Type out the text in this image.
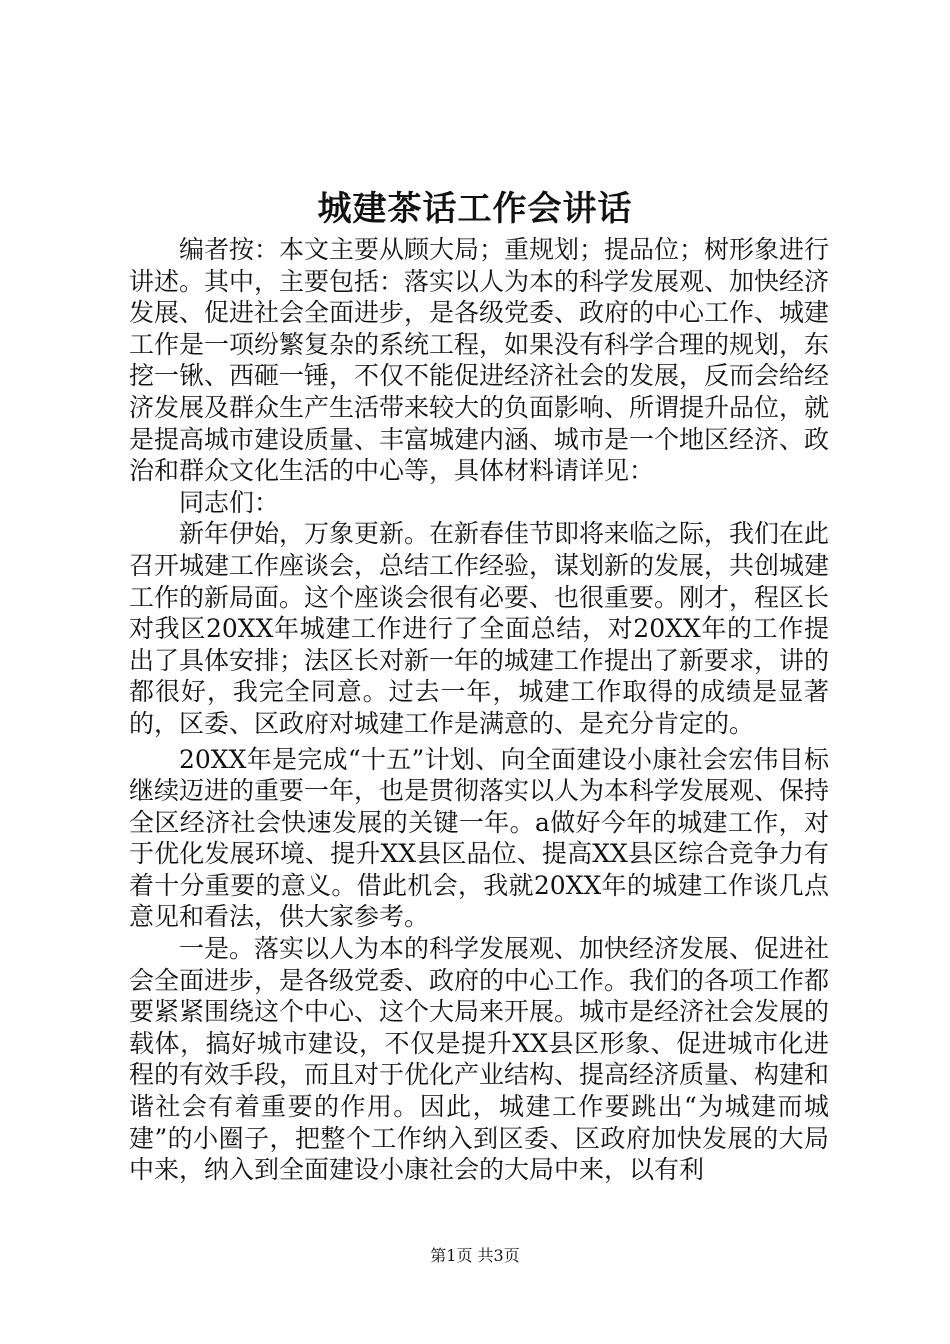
城建茶话工作会讲话

编者按：本文主要从顾大局；重规划；提品位；树形象进行讲述。其中，主要包括：落实以人为本的科学发展观、加快经济发展、促进社会全面进步，是各级党委、政府的中心工作、城建工作是一项纷繁复杂的系统工程，如果没有科学合理的规划，东挖一锹、西砸一锤，不仅不能促进经济社会的发展，反而会给经济发展及群众生产生活带来较大的负面影响、所谓提升品位，就是提高城市建设质量、丰富城建内涵、城市是一个地区经济、政治和群众文化生活的中心等，具体材料请详见：

同志们：

新年伊始，万象更新。在新春佳节即将来临之际，我们在此召开城建工作座谈会，总结工作经验，谋划新的发展，共创城建工作的新局面。这个座谈会很有必要、也很重要。刚才，程区长对我区20XX年城建工作进行了全面总结，对20XX年的工作提出了具体安排；法区长对新一年的城建工作提出了新要求，讲的都很好，我完全同意。过去一年，城建工作取得的成绩是显著的，区委、区政府对城建工作是满意的、是充分肯定的。

20XX年是完成“十五”计划、向全面建设小康社会宏伟目标继续迈进的重要一年，也是贯彻落实以人为本科学发展观、保持全区经济社会快速发展的关键一年。a做好今年的城建工作，对于优化发展环境、提升XX县区品位、提高XX县区综合竞争力有着十分重要的意义。借此机会，我就20XX年的城建工作谈几点意见和看法，供大家参考。

一是。落实以人为本的科学发展观、加快经济发展、促进社会全面进步，是各级党委、政府的中心工作。我们的各项工作都要紧紧围绕这个中心、这个大局来开展。城市是经济社会发展的载体，搞好城市建设，不仅是提升XX县区形象、促进城市化进程的有效手段，而且对于优化产业结构、提高经济质量、构建和谐社会有着重要的作用。因此，城建工作要跳出“为城建而城建”的小圈子，把整个工作纳入到区委、区政府加快发展的大局中来，纳入到全面建设小康社会的大局中来，以有利

第1页 共3页
